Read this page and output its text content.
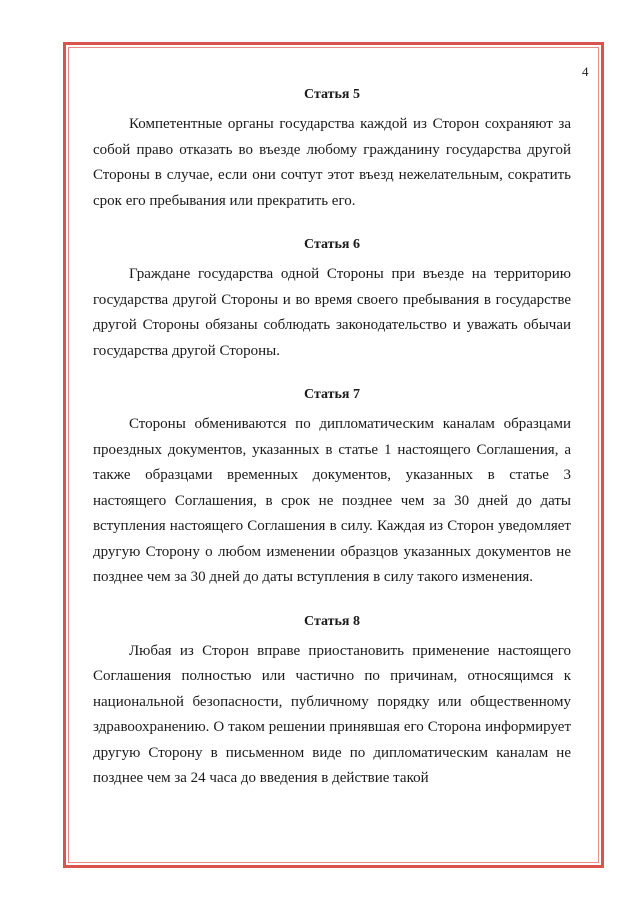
4
Статья 5

Компетентные органы государства каждой из Сторон сохраняют за собой право отказать во въезде любому гражданину государства другой Стороны в случае, если они сочтут этот въезд нежелательным, сократить срок его пребывания или прекратить его.

Статья 6

Граждане государства одной Стороны при въезде на территорию государства другой Стороны и во время своего пребывания в государстве другой Стороны обязаны соблюдать законодательство и уважать обычаи государства другой Стороны.

Статья 7

Стороны обмениваются по дипломатическим каналам образцами проездных документов, указанных в статье 1 настоящего Соглашения, а также образцами временных документов, указанных в статье 3 настоящего Соглашения, в срок не позднее чем за 30 дней до даты вступления настоящего Соглашения в силу. Каждая из Сторон уведомляет другую Сторону о любом изменении образцов указанных документов не позднее чем за 30 дней до даты вступления в силу такого изменения.

Статья 8

Любая из Сторон вправе приостановить применение настоящего Соглашения полностью или частично по причинам, относящимся к национальной безопасности, публичному порядку или общественному здравоохранению. О таком решении принявшая его Сторона информирует другую Сторону в письменном виде по дипломатическим каналам не позднее чем за 24 часа до введения в действие такой
